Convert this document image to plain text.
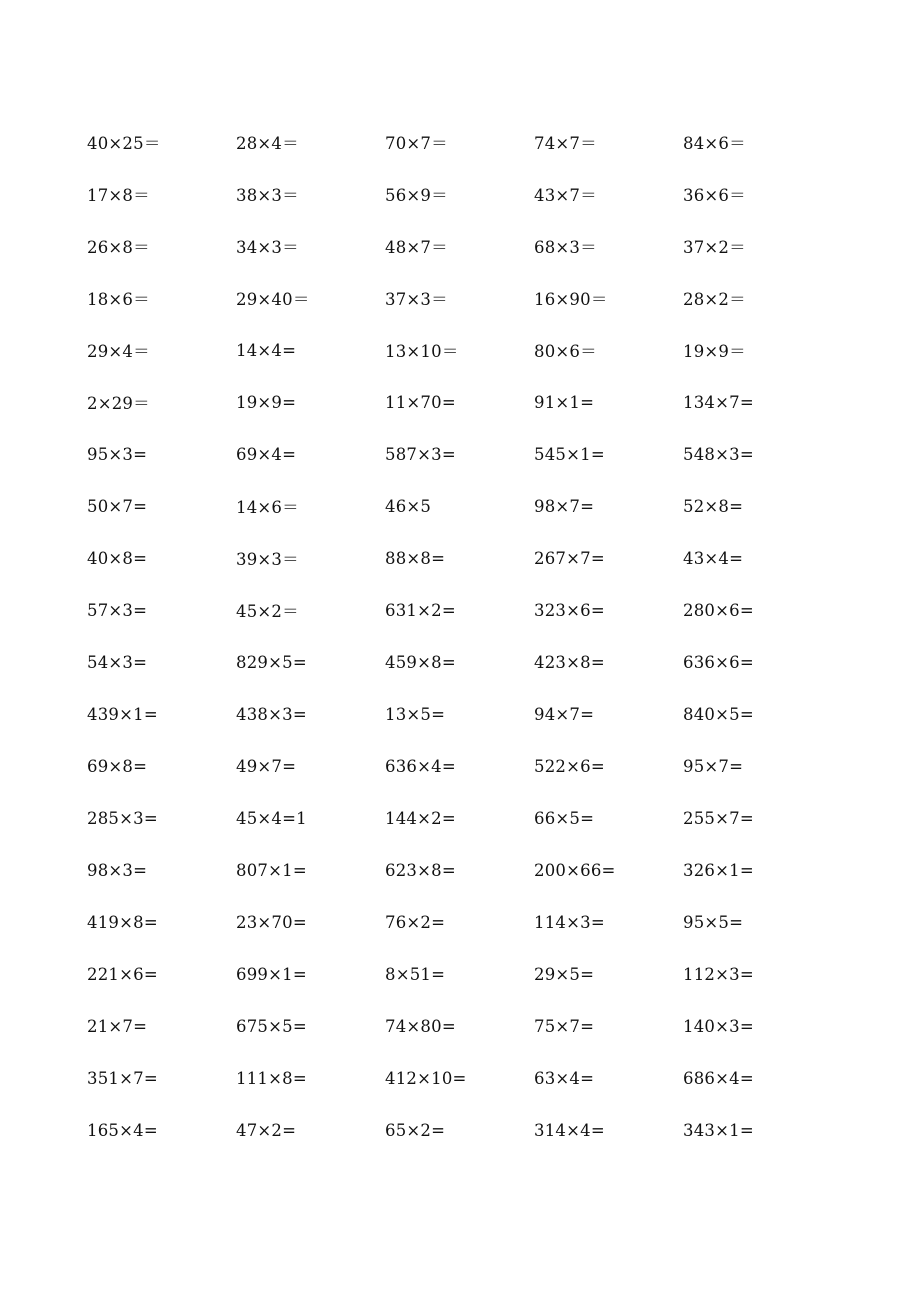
40×25＝	28×4＝	70×7＝	74×7＝	84×6＝
17×8＝	38×3＝	56×9＝	43×7＝	36×6＝
26×8＝	34×3＝	48×7＝	68×3＝	37×2＝
18×6＝	29×40＝	37×3＝	16×90＝	28×2＝
29×4＝	14×4=	13×10＝	80×6＝	19×9＝
2×29＝	19×9=	11×70=	91×1=	134×7=
95×3=	69×4=	587×3=	545×1=	548×3=
50×7=	14×6＝	46×5	98×7=	52×8=
40×8=	39×3＝	88×8=	267×7=	43×4=
57×3=	45×2＝	631×2=	323×6=	280×6=
54×3=	829×5=	459×8=	423×8=	636×6=
439×1=	438×3=	13×5=	94×7=	840×5=
69×8=	49×7=	636×4=	522×6=	95×7=
285×3=	45×4=1	144×2=	66×5=	255×7=
98×3=	807×1=	623×8=	200×66=	326×1=
419×8=	23×70=	76×2=	114×3=	95×5=
221×6=	699×1=	8×51=	29×5=	112×3=
21×7=	675×5=	74×80=	75×7=	140×3=
351×7=	111×8=	412×10=	63×4=	686×4=
165×4=	47×2=	65×2=	314×4=	343×1=
